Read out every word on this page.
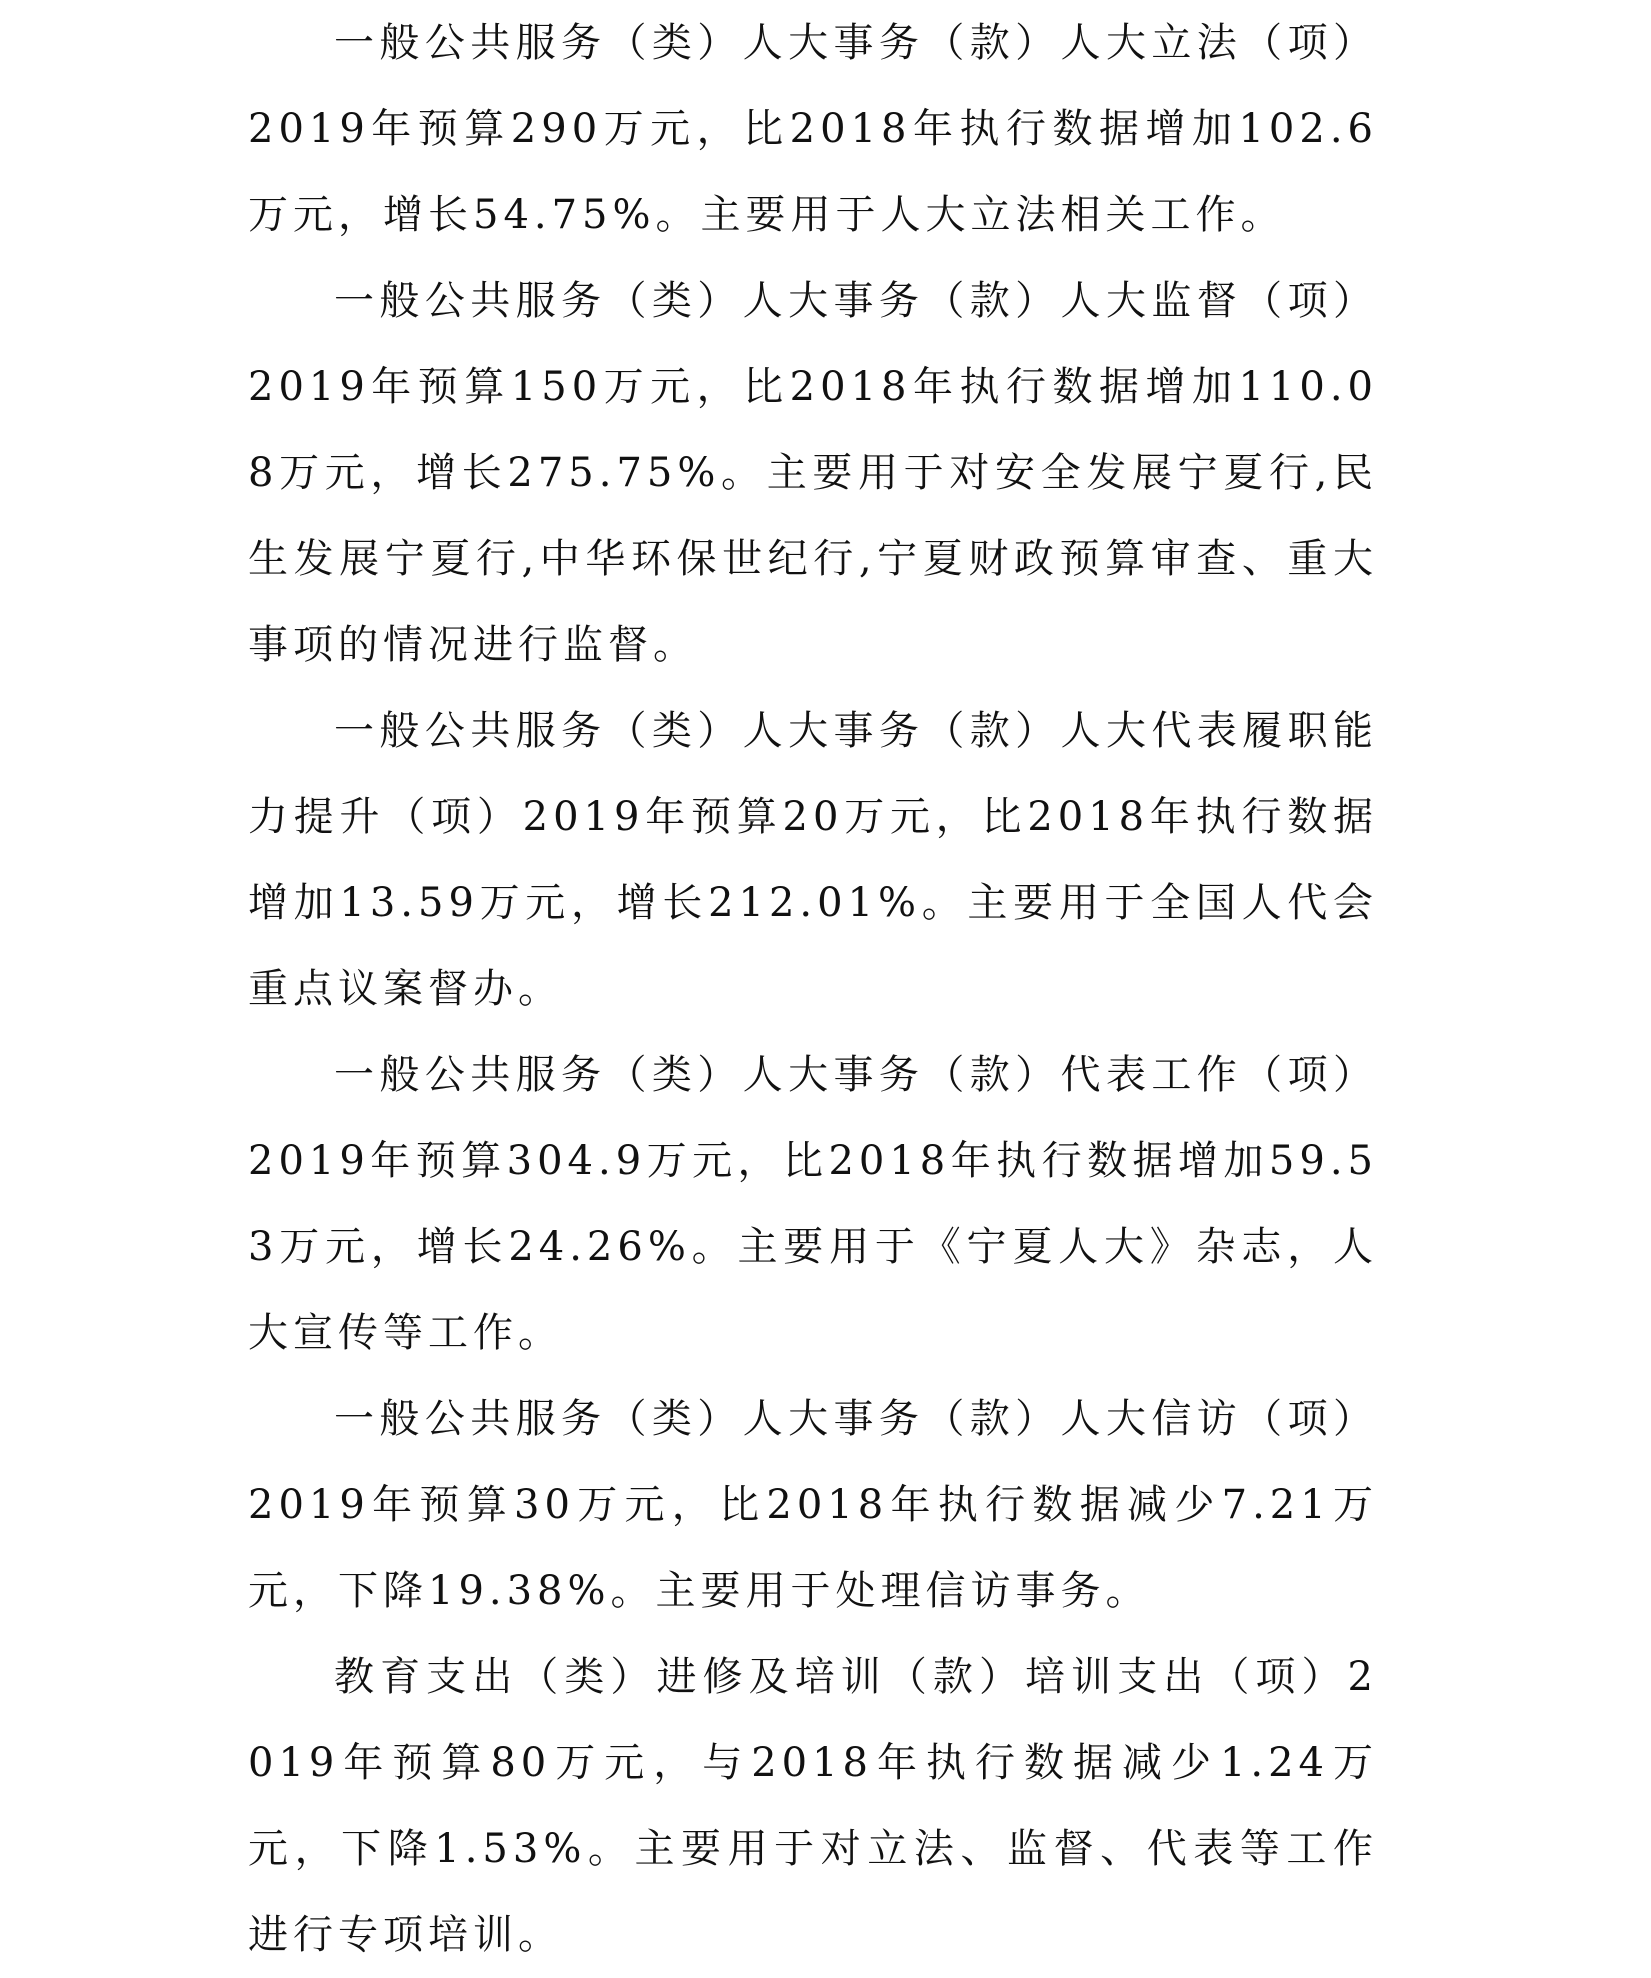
一般公共服务（类）人大事务（款）人大立法（项）2019年预算290万元，比2018年执行数据增加102.6万元，增长54.75%。主要用于人大立法相关工作。

一般公共服务（类）人大事务（款）人大监督（项）2019年预算150万元，比2018年执行数据增加110.08万元，增长275.75%。主要用于对安全发展宁夏行,民生发展宁夏行,中华环保世纪行,宁夏财政预算审查、重大事项的情况进行监督。

一般公共服务（类）人大事务（款）人大代表履职能力提升（项）2019年预算20万元，比2018年执行数据增加13.59万元，增长212.01%。主要用于全国人代会重点议案督办。

一般公共服务（类）人大事务（款）代表工作（项）2019年预算304.9万元，比2018年执行数据增加59.53万元，增长24.26%。主要用于《宁夏人大》杂志，人大宣传等工作。

一般公共服务（类）人大事务（款）人大信访（项）2019年预算30万元，比2018年执行数据减少7.21万元，下降19.38%。主要用于处理信访事务。

教育支出（类）进修及培训（款）培训支出（项）2019年预算80万元，与2018年执行数据减少1.24万元，下降1.53%。主要用于对立法、监督、代表等工作进行专项培训。
